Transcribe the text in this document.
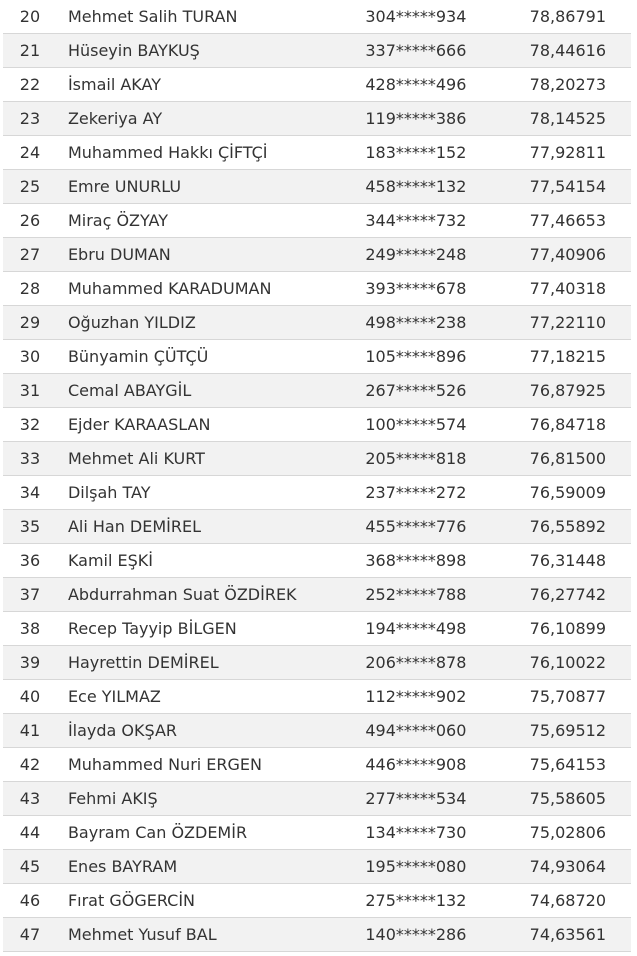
20	Mehmet Salih TURAN	304*****934	78,86791
21	Hüseyin BAYKUŞ	337*****666	78,44616
22	İsmail AKAY	428*****496	78,20273
23	Zekeriya AY	119*****386	78,14525
24	Muhammed Hakkı ÇİFTÇİ	183*****152	77,92811
25	Emre UNURLU	458*****132	77,54154
26	Miraç ÖZYAY	344*****732	77,46653
27	Ebru DUMAN	249*****248	77,40906
28	Muhammed KARADUMAN	393*****678	77,40318
29	Oğuzhan YILDIZ	498*****238	77,22110
30	Bünyamin ÇÜTÇÜ	105*****896	77,18215
31	Cemal ABAYGİL	267*****526	76,87925
32	Ejder KARAASLAN	100*****574	76,84718
33	Mehmet Ali KURT	205*****818	76,81500
34	Dilşah TAY	237*****272	76,59009
35	Ali Han DEMİREL	455*****776	76,55892
36	Kamil EŞKİ	368*****898	76,31448
37	Abdurrahman Suat ÖZDİREK	252*****788	76,27742
38	Recep Tayyip BİLGEN	194*****498	76,10899
39	Hayrettin DEMİREL	206*****878	76,10022
40	Ece YILMAZ	112*****902	75,70877
41	İlayda OKŞAR	494*****060	75,69512
42	Muhammed Nuri ERGEN	446*****908	75,64153
43	Fehmi AKIŞ	277*****534	75,58605
44	Bayram Can ÖZDEMİR	134*****730	75,02806
45	Enes BAYRAM	195*****080	74,93064
46	Fırat GÖGERCİN	275*****132	74,68720
47	Mehmet Yusuf BAL	140*****286	74,63561
